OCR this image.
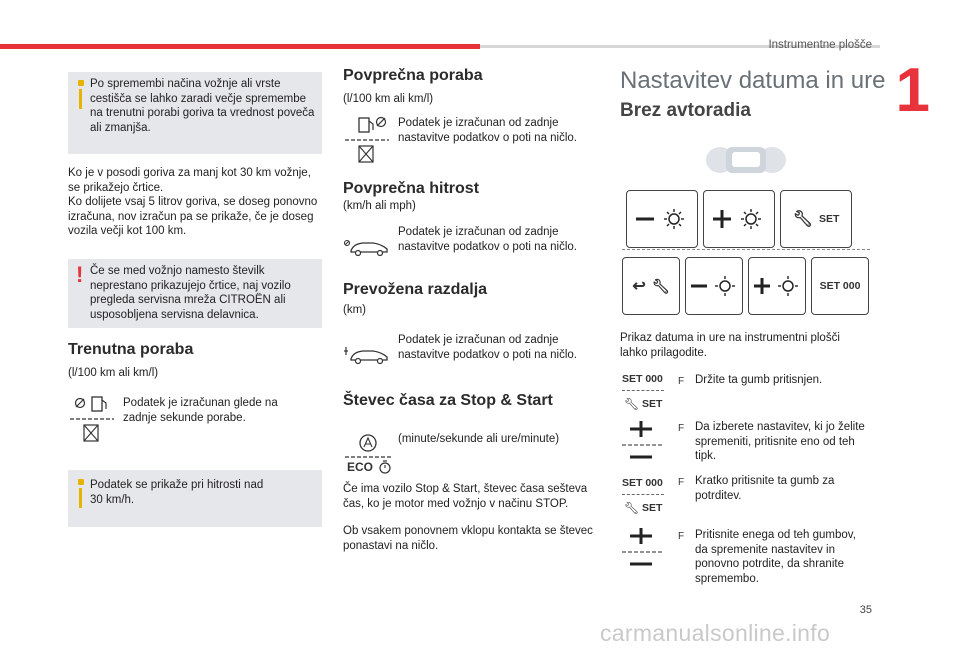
Instrumentne plošče
1
Po spremembi načina vožnje ali vrste cestišča se lahko zaradi večje spremembe na trenutni porabi goriva ta vrednost poveča ali zmanjša.
Ko je v posodi goriva za manj kot 30 km vožnje, se prikažejo črtice.
Ko dolijete vsaj 5 litrov goriva, se doseg ponovno izračuna, nov izračun pa se prikaže, če je doseg vozila večji kot 100 km.
! Če se med vožnjo namesto številk neprestano prikazujejo črtice, naj vozilo pregleda servisna mreža CITROËN ali usposobljena servisna delavnica.
Trenutna poraba
(l/100 km ali km/l)
Podatek je izračunan glede na zadnje sekunde porabe.
Podatek se prikaže pri hitrosti nad 30 km/h.
Povprečna poraba
(l/100 km ali km/l)
Podatek je izračunan od zadnje nastavitve podatkov o poti na ničlo.
Povprečna hitrost
(km/h ali mph)
Podatek je izračunan od zadnje nastavitve podatkov o poti na ničlo.
Prevožena razdalja
(km)
Podatek je izračunan od zadnje nastavitve podatkov o poti na ničlo.
Števec časa za Stop & Start
ECO
(minute/sekunde ali ure/minute)
Če ima vozilo Stop & Start, števec časa sešteva čas, ko je motor med vožnjo v načinu STOP.
Ob vsakem ponovnem vklopu kontakta se števec ponastavi na ničlo.
Nastavitev datuma in ure
Brez avtoradia
🔧︎ SET
↩ 🔧︎	SET 000
Prikaz datuma in ure na instrumentni plošči lahko prilagodite.
SET 000
🔧︎ SET
F Držite ta gumb pritisnjen.
F Da izberete nastavitev, ki jo želite spremeniti, pritisnite eno od teh tipk.
SET 000
🔧︎ SET
F Kratko pritisnite ta gumb za potrditev.
F Pritisnite enega od teh gumbov, da spremenite nastavitev in ponovno potrdite, da shranite spremembo.
35
carmanualsonline.info
